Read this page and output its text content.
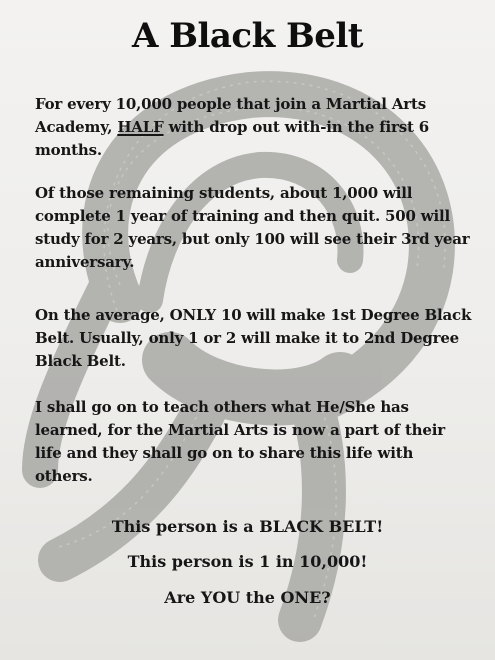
A Black Belt

For every 10,000 people that join a Martial Arts Academy, HALF with drop out with-in the first 6 months.

Of those remaining students, about 1,000 will complete 1 year of training and then quit. 500 will study for 2 years, but only 100 will see their 3rd year anniversary.

On the average, ONLY 10 will make 1st Degree Black Belt. Usually, only 1 or 2 will make it to 2nd Degree Black Belt.

I shall go on to teach others what He/She has learned, for the Martial Arts is now a part of their life and they shall go on to share this life with others.

This person is a BLACK BELT!

This person is 1 in 10,000!

Are YOU the ONE?
